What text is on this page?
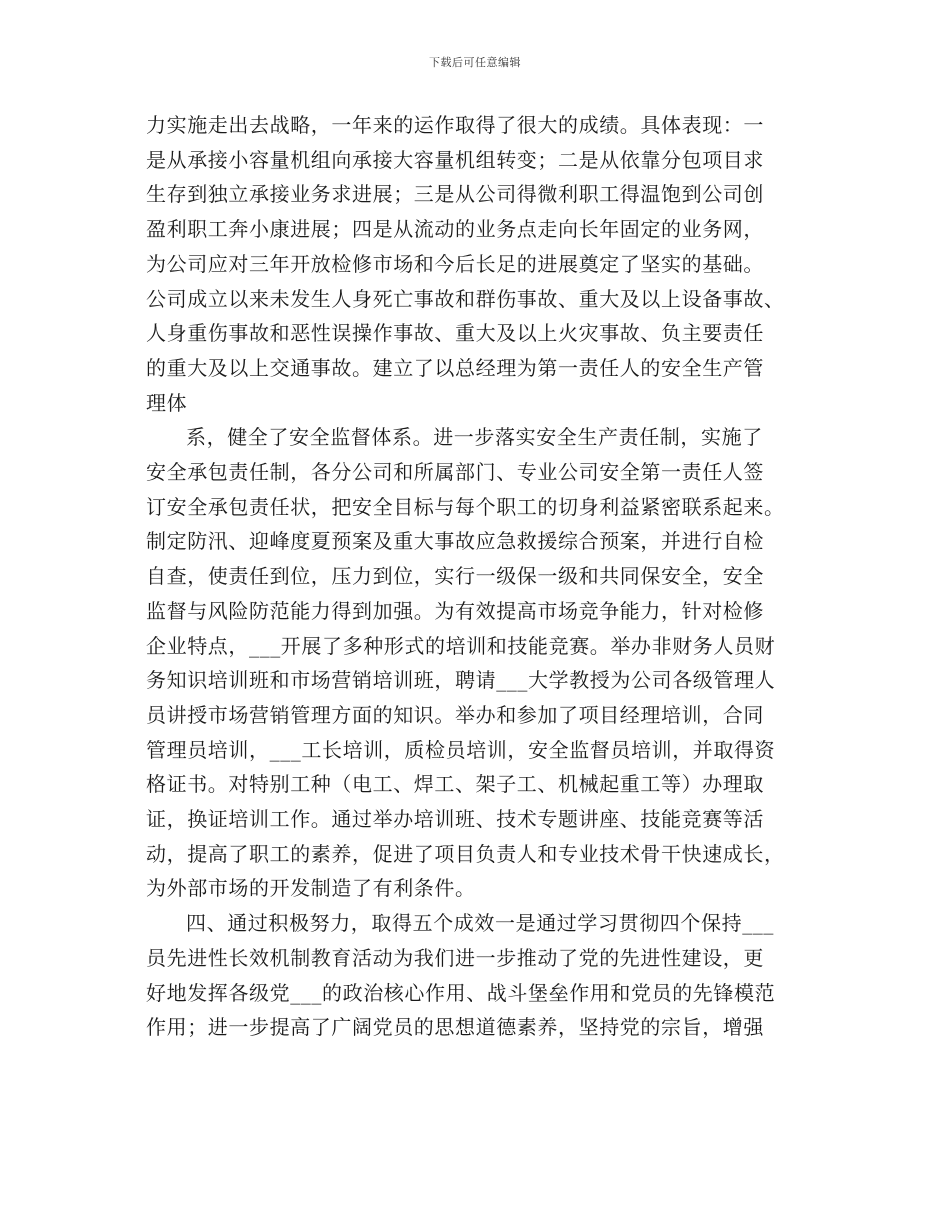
下载后可任意编辑

力实施走出去战略，一年来的运作取得了很大的成绩。具体表现：一
是从承接小容量机组向承接大容量机组转变；二是从依靠分包项目求
生存到独立承接业务求进展；三是从公司得微利职工得温饱到公司创
盈利职工奔小康进展；四是从流动的业务点走向长年固定的业务网，
为公司应对三年开放检修市场和今后长足的进展奠定了坚实的基础。
公司成立以来未发生人身死亡事故和群伤事故、重大及以上设备事故、
人身重伤事故和恶性误操作事故、重大及以上火灾事故、负主要责任
的重大及以上交通事故。建立了以总经理为第一责任人的安全生产管
理体

系，健全了安全监督体系。进一步落实安全生产责任制，实施了
安全承包责任制，各分公司和所属部门、专业公司安全第一责任人签
订安全承包责任状，把安全目标与每个职工的切身利益紧密联系起来。
制定防汛、迎峰度夏预案及重大事故应急救援综合预案，并进行自检
自查，使责任到位，压力到位，实行一级保一级和共同保安全，安全
监督与风险防范能力得到加强。为有效提高市场竞争能力，针对检修
企业特点，___开展了多种形式的培训和技能竞赛。举办非财务人员财
务知识培训班和市场营销培训班，聘请___大学教授为公司各级管理人
员讲授市场营销管理方面的知识。举办和参加了项目经理培训，合同
管理员培训，___工长培训，质检员培训，安全监督员培训，并取得资
格证书。对特别工种（电工、焊工、架子工、机械起重工等）办理取
证，换证培训工作。通过举办培训班、技术专题讲座、技能竞赛等活
动，提高了职工的素养，促进了项目负责人和专业技术骨干快速成长，
为外部市场的开发制造了有利条件。

四、通过积极努力，取得五个成效一是通过学习贯彻四个保持___
员先进性长效机制教育活动为我们进一步推动了党的先进性建设，更
好地发挥各级党___的政治核心作用、战斗堡垒作用和党员的先锋模范
作用；进一步提高了广阔党员的思想道德素养，坚持党的宗旨，增强
